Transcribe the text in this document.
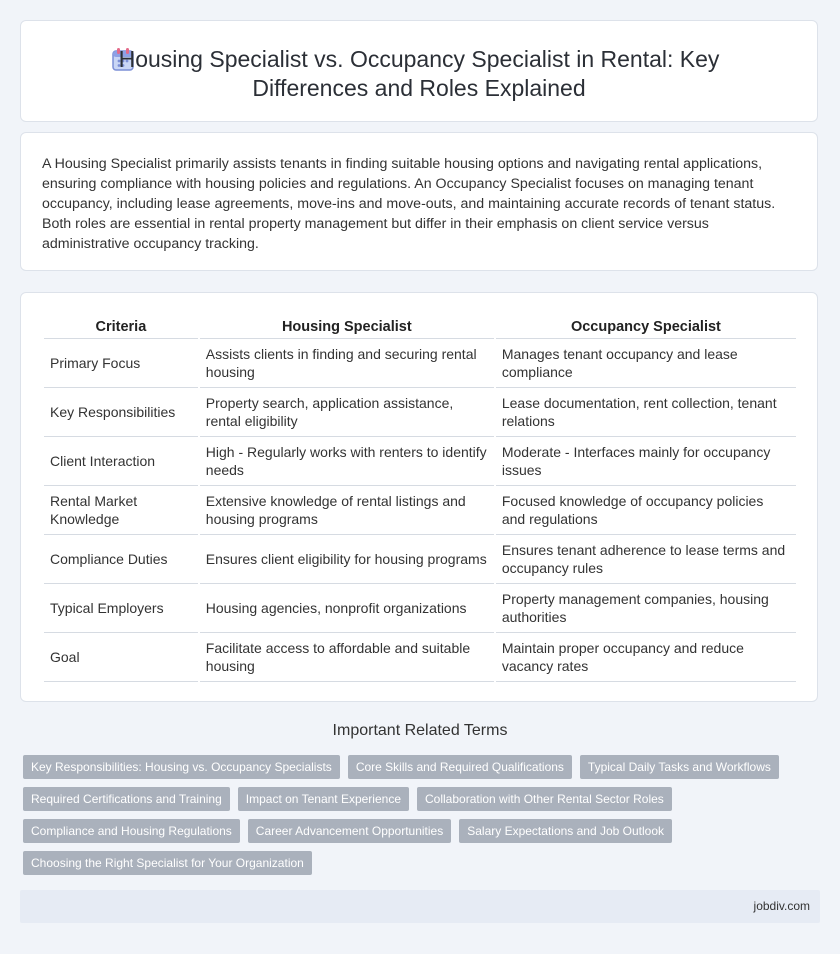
Housing Specialist vs. Occupancy Specialist in Rental: Key
Differences and Roles Explained
A Housing Specialist primarily assists tenants in finding suitable housing options and navigating rental applications, ensuring compliance with housing policies and regulations. An Occupancy Specialist focuses on managing tenant occupancy, including lease agreements, move-ins and move-outs, and maintaining accurate records of tenant status. Both roles are essential in rental property management but differ in their emphasis on client service versus administrative occupancy tracking.
Criteria	Housing Specialist	Occupancy Specialist
Primary Focus	Assists clients in finding and securing rental housing	Manages tenant occupancy and lease compliance
Key Responsibilities	Property search, application assistance, rental eligibility	Lease documentation, rent collection, tenant relations
Client Interaction	High - Regularly works with renters to identify needs	Moderate - Interfaces mainly for occupancy issues
Rental Market Knowledge	Extensive knowledge of rental listings and housing programs	Focused knowledge of occupancy policies and regulations
Compliance Duties	Ensures client eligibility for housing programs	Ensures tenant adherence to lease terms and occupancy rules
Typical Employers	Housing agencies, nonprofit organizations	Property management companies, housing authorities
Goal	Facilitate access to affordable and suitable housing	Maintain proper occupancy and reduce vacancy rates
Important Related Terms
Key Responsibilities: Housing vs. Occupancy Specialists	Core Skills and Required Qualifications	Typical Daily Tasks and Workflows
Required Certifications and Training	Impact on Tenant Experience	Collaboration with Other Rental Sector Roles
Compliance and Housing Regulations	Career Advancement Opportunities	Salary Expectations and Job Outlook
Choosing the Right Specialist for Your Organization
jobdiv.com
